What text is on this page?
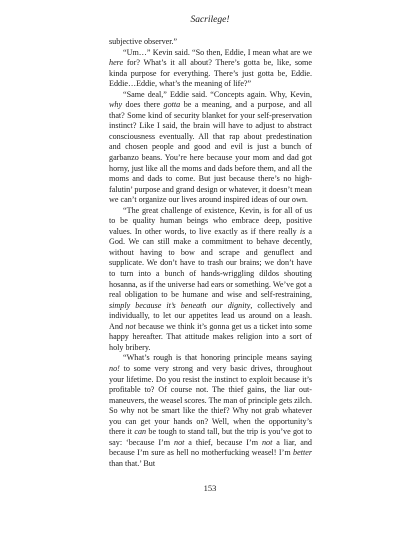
Sacrilege!

subjective observer.”

“Um…” Kevin said. “So then, Eddie, I mean what are we here for? What’s it all about? There’s gotta be, like, some kinda purpose for everything. There’s just gotta be, Eddie. Eddie…Eddie, what’s the meaning of life?”

“Same deal,” Eddie said. “Concepts again. Why, Kevin, why does there gotta be a meaning, and a purpose, and all that? Some kind of security blanket for your self-preservation instinct? Like I said, the brain will have to adjust to abstract consciousness eventually. All that rap about predestination and chosen people and good and evil is just a bunch of garbanzo beans. You’re here because your mom and dad got horny, just like all the moms and dads before them, and all the moms and dads to come. But just because there’s no high-falutin’ purpose and grand design or whatever, it doesn’t mean we can’t organize our lives around inspired ideas of our own.

“The great challenge of existence, Kevin, is for all of us to be quality human beings who embrace deep, positive values. In other words, to live exactly as if there really is a God. We can still make a commitment to behave decently, without having to bow and scrape and genuflect and supplicate. We don’t have to trash our brains; we don’t have to turn into a bunch of hands-wriggling dildos shouting hosanna, as if the universe had ears or something. We’ve got a real obligation to be humane and wise and self-restraining, simply because it’s beneath our dignity, collectively and individually, to let our appetites lead us around on a leash. And not because we think it’s gonna get us a ticket into some happy hereafter. That attitude makes religion into a sort of holy bribery.

“What’s rough is that honoring principle means saying no! to some very strong and very basic drives, throughout your lifetime. Do you resist the instinct to exploit because it’s profitable to? Of course not. The thief gains, the liar out-maneuvers, the weasel scores. The man of principle gets zilch. So why not be smart like the thief? Why not grab whatever you can get your hands on? Well, when the opportunity’s there it can be tough to stand tall, but the trip is you’ve got to say: ‘because I’m not a thief, because I’m not a liar, and because I’m sure as hell no motherfucking weasel! I’m better than that.’ But

153
